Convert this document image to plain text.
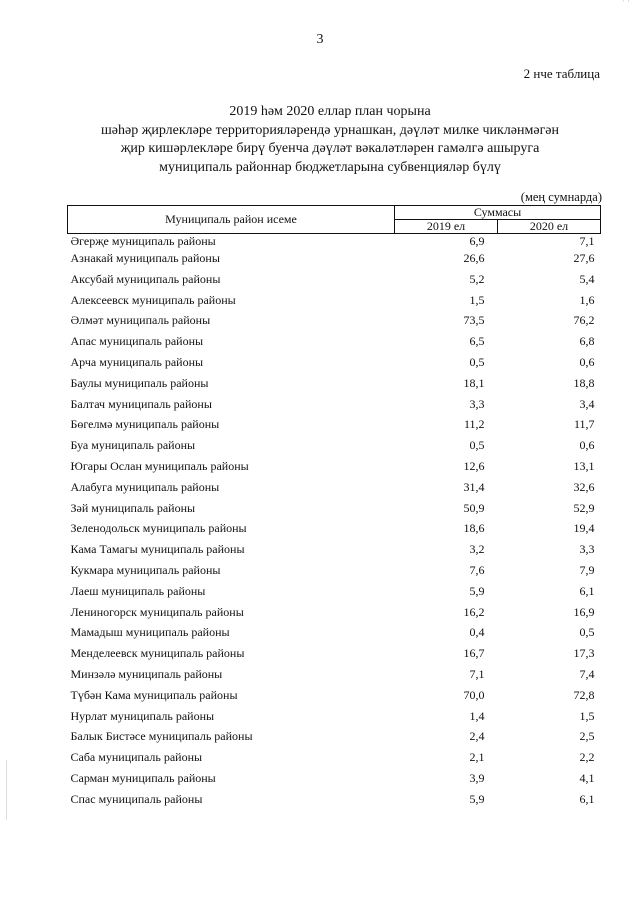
· ·
3
2 нче таблица
2019 һәм 2020 еллар план чорына
шәһәр җирлекләре территорияләрендә урнашкан, дәүләт милке чикләнмәгән
җир кишәрлекләре бирү буенча дәүләт вәкаләтләрен гамәлгә ашыруга
муниципаль районнар бюджетларына субвенцияләр бүлү
(мең сумнарда)
Муниципаль район исеме	Суммасы	
	2019 ел	2020 ел
Әгерҗе муниципаль районы	6,9	7,1
Азнакай муниципаль районы	26,6	27,6
Аксубай муниципаль районы	5,2	5,4
Алексеевск муниципаль районы	1,5	1,6
Әлмәт муниципаль районы	73,5	76,2
Апас муниципаль районы	6,5	6,8
Арча муниципаль районы	0,5	0,6
Баулы муниципаль районы	18,1	18,8
Балтач муниципаль районы	3,3	3,4
Бөгелмә муниципаль районы	11,2	11,7
Буа муниципаль районы	0,5	0,6
Югары Ослан муниципаль районы	12,6	13,1
Алабуга муниципаль районы	31,4	32,6
Зәй муниципаль районы	50,9	52,9
Зеленодольск муниципаль районы	18,6	19,4
Кама Тамагы муниципаль районы	3,2	3,3
Кукмара муниципаль районы	7,6	7,9
Лаеш муниципаль районы	5,9	6,1
Лениногорск муниципаль районы	16,2	16,9
Мамадыш муниципаль районы	0,4	0,5
Менделеевск муниципаль районы	16,7	17,3
Минзәлә муниципаль районы	7,1	7,4
Түбән Кама муниципаль районы	70,0	72,8
Нурлат муниципаль районы	1,4	1,5
Балык Бистәсе муниципаль районы	2,4	2,5
Саба муниципаль районы	2,1	2,2
Сарман муниципаль районы	3,9	4,1
Спас муниципаль районы	5,9	6,1
